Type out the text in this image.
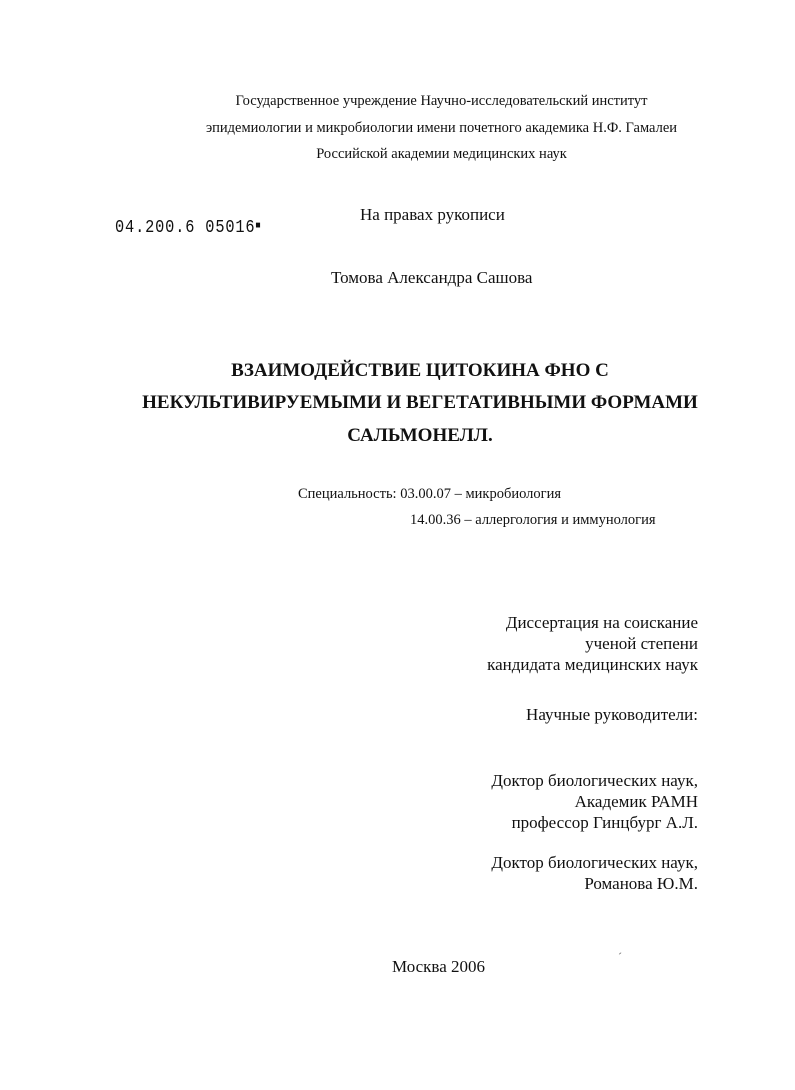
Государственное учреждение Научно-исследовательский институт
эпидемиологии и микробиологии имени почетного академика Н.Ф. Гамалеи
Российской академии медицинских наук
04.200.6 05016■
На правах рукописи
Томова Александра Сашова
ВЗАИМОДЕЙСТВИЕ ЦИТОКИНА ФНО С
НЕКУЛЬТИВИРУЕМЫМИ И ВЕГЕТАТИВНЫМИ ФОРМАМИ
САЛЬМОНЕЛЛ.
Специальность: 03.00.07 – микробиология
14.00.36 – аллергология и иммунология
Диссертация на соискание
ученой степени
кандидата медицинских наук
Научные руководители:
Доктор биологических наук,
Академик РАМН
профессор Гинцбург А.Л.
Доктор биологических наук,
Романова Ю.М.
Москва 2006	´
